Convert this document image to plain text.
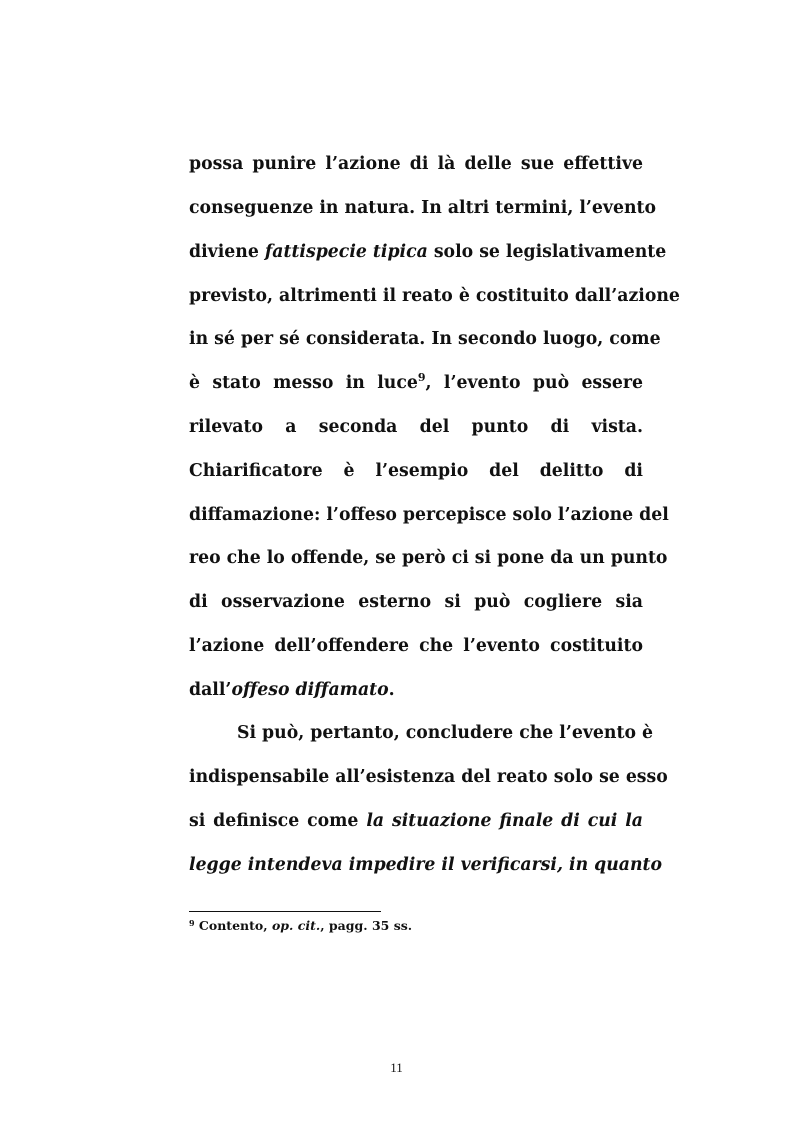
possa punire l’azione di là delle sue effettive
conseguenze in natura. In altri termini, l’evento
diviene fattispecie tipica solo se legislativamente
previsto, altrimenti il reato è costituito dall’azione
in sé per sé considerata. In secondo luogo, come
è stato messo in luce$^9$, l’evento può essere
rilevato a seconda del punto di vista.
Chiarificatore è l’esempio del delitto di
diffamazione: l’offeso percepisce solo l’azione del
reo che lo offende, se però ci si pone da un punto
di osservazione esterno si può cogliere sia
l’azione dell’offendere che l’evento costituito
dall’offeso diffamato.
Si può, pertanto, concludere che l’evento è
indispensabile all’esistenza del reato solo se esso
si definisce come la situazione finale di cui la
legge intendeva impedire il verificarsi, in quanto
$^9$ Contento, op. cit., pagg. 35 ss.
11
